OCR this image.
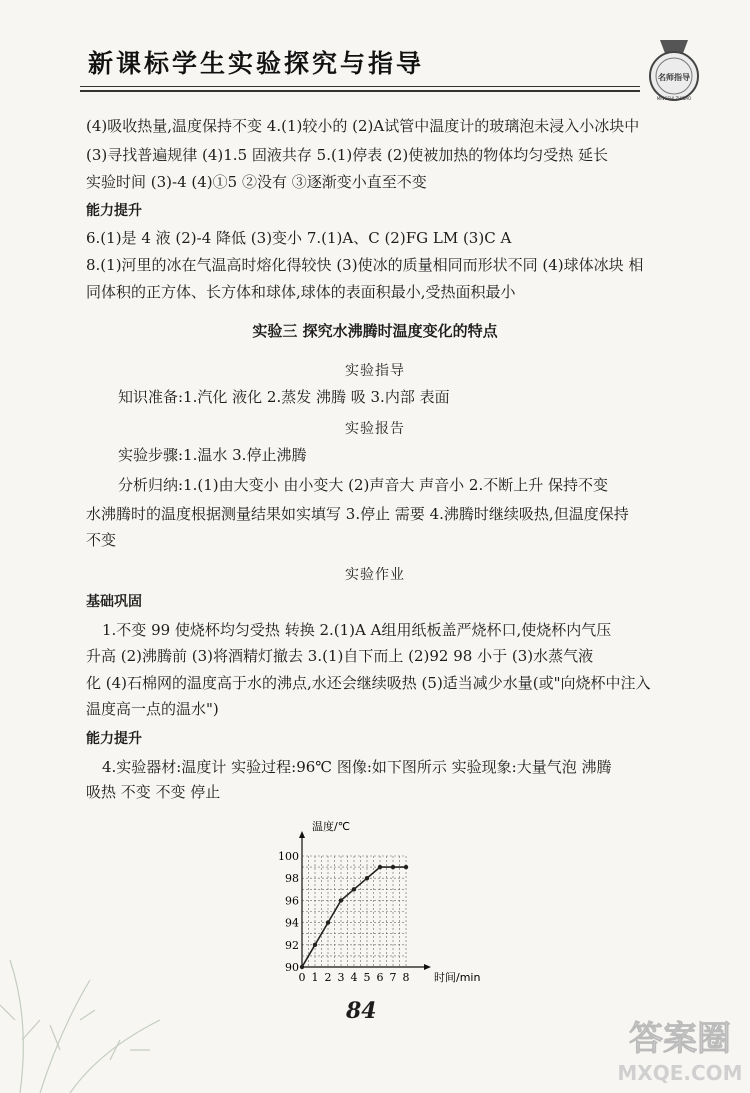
新课标学生实验探究与指导	名师指导
MINGSHI ZHIDAO
(4)吸收热量,温度保持不变 4.(1)较小的 (2)A试管中温度计的玻璃泡未浸入小冰块中
(3)寻找普遍规律 (4)1.5 固液共存 5.(1)停表 (2)使被加热的物体均匀受热 延长
实验时间 (3)-4 (4)①5 ②没有 ③逐渐变小直至不变
能力提升
6.(1)是 4 液 (2)-4 降低 (3)变小 7.(1)A、C (2)FG LM (3)C A
8.(1)河里的冰在气温高时熔化得较快 (3)使冰的质量相同而形状不同 (4)球体冰块 相
同体积的正方体、长方体和球体,球体的表面积最小,受热面积最小
实验三 探究水沸腾时温度变化的特点
实验指导
知识准备:1.汽化 液化 2.蒸发 沸腾 吸 3.内部 表面
实验报告
实验步骤:1.温水 3.停止沸腾
分析归纳:1.(1)由大变小 由小变大 (2)声音大 声音小 2.不断上升 保持不变
水沸腾时的温度根据测量结果如实填写 3.停止 需要 4.沸腾时继续吸热,但温度保持
不变
实验作业
基础巩固
1.不变 99 使烧杯均匀受热 转换 2.(1)A A组用纸板盖严烧杯口,使烧杯内气压
升高 (2)沸腾前 (3)将酒精灯撤去 3.(1)自下而上 (2)92 98 小于 (3)水蒸气液
化 (4)石棉网的温度高于水的沸点,水还会继续吸热 (5)适当减少水量(或"向烧杯中注入
温度高一点的温水")
能力提升
4.实验器材:温度计 实验过程:96℃ 图像:如下图所示 实验现象:大量气泡 沸腾
吸热 不变 不变 停止
90
92
94
96
98
100
0 1 2 3 4 5 6 7 8
温度/℃
时间/min
84
答案圈
MXQE.COM
